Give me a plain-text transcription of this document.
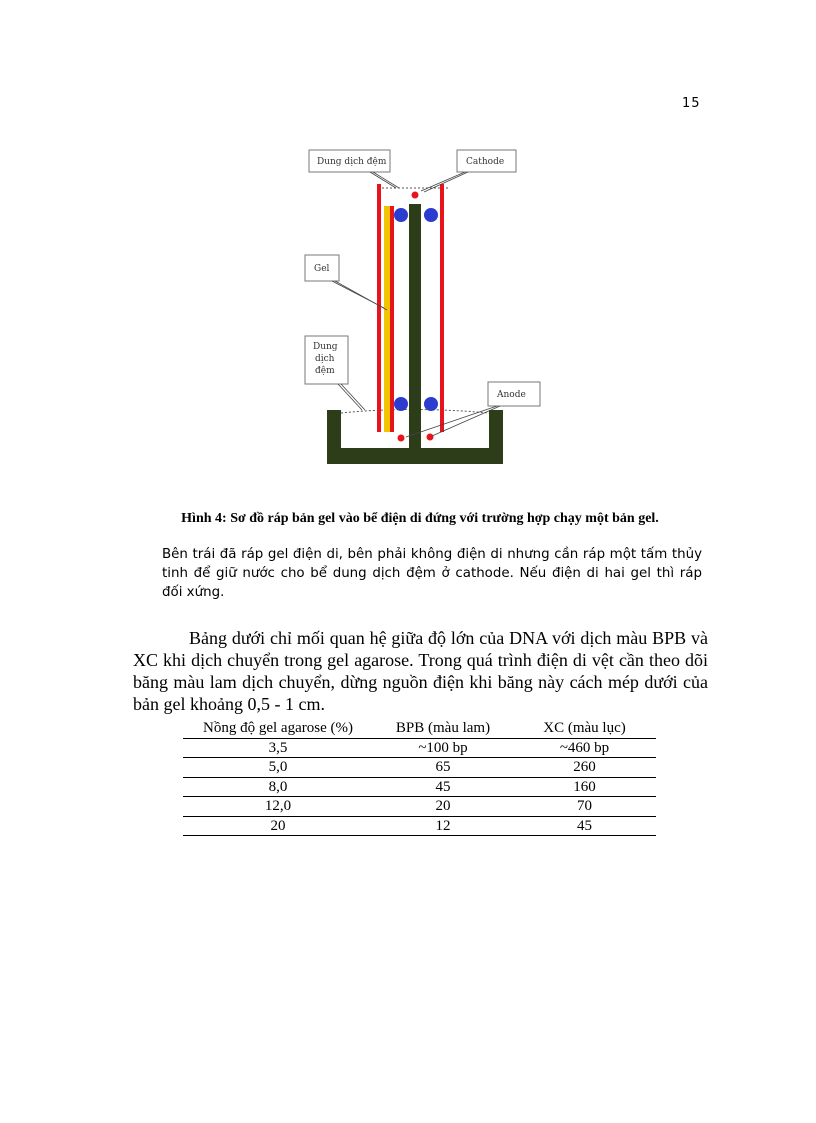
15
Dung dịch đệm	Cathode
Gel
Dung
dịch
đệm
Anode
Hình 4: Sơ đồ ráp bản gel vào bể điện di đứng với trường hợp chạy một bản gel.
Bên trái đã ráp gel điện di, bên phải không điện di nhưng cần ráp một tấm thủy tinh để giữ nước cho bể dung dịch đệm ở cathode. Nếu điện di hai gel thì ráp đối xứng.
Bảng dưới chỉ mối quan hệ giữa độ lớn của DNA với dịch màu BPB và XC khi dịch chuyển trong gel agarose. Trong quá trình điện di vệt cần theo dõi băng màu lam dịch chuyển, dừng nguồn điện khi băng này cách mép dưới của bản gel khoảng 0,5 - 1 cm.
Nồng độ gel agarose (%)	BPB (màu lam)	XC (màu lục)
3,5	~100 bp	~460 bp
5,0	65	260
8,0	45	160
12,0	20	70
20	12	45
